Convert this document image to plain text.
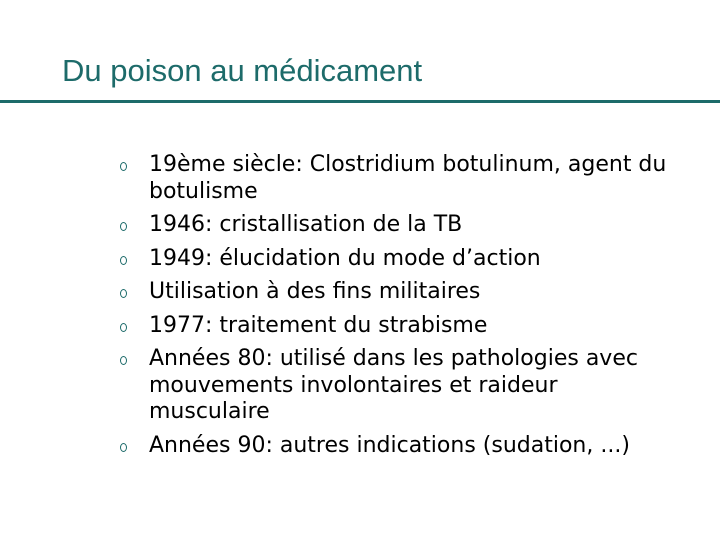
Du poison au médicament
19ème siècle: Clostridium botulinum, agent du botulisme
1946: cristallisation de la TB
1949: élucidation du mode d’action
Utilisation à des fins militaires
1977: traitement du strabisme
Années 80: utilisé dans les pathologies avec mouvements involontaires et raideur musculaire
Années 90: autres indications (sudation, ...)
